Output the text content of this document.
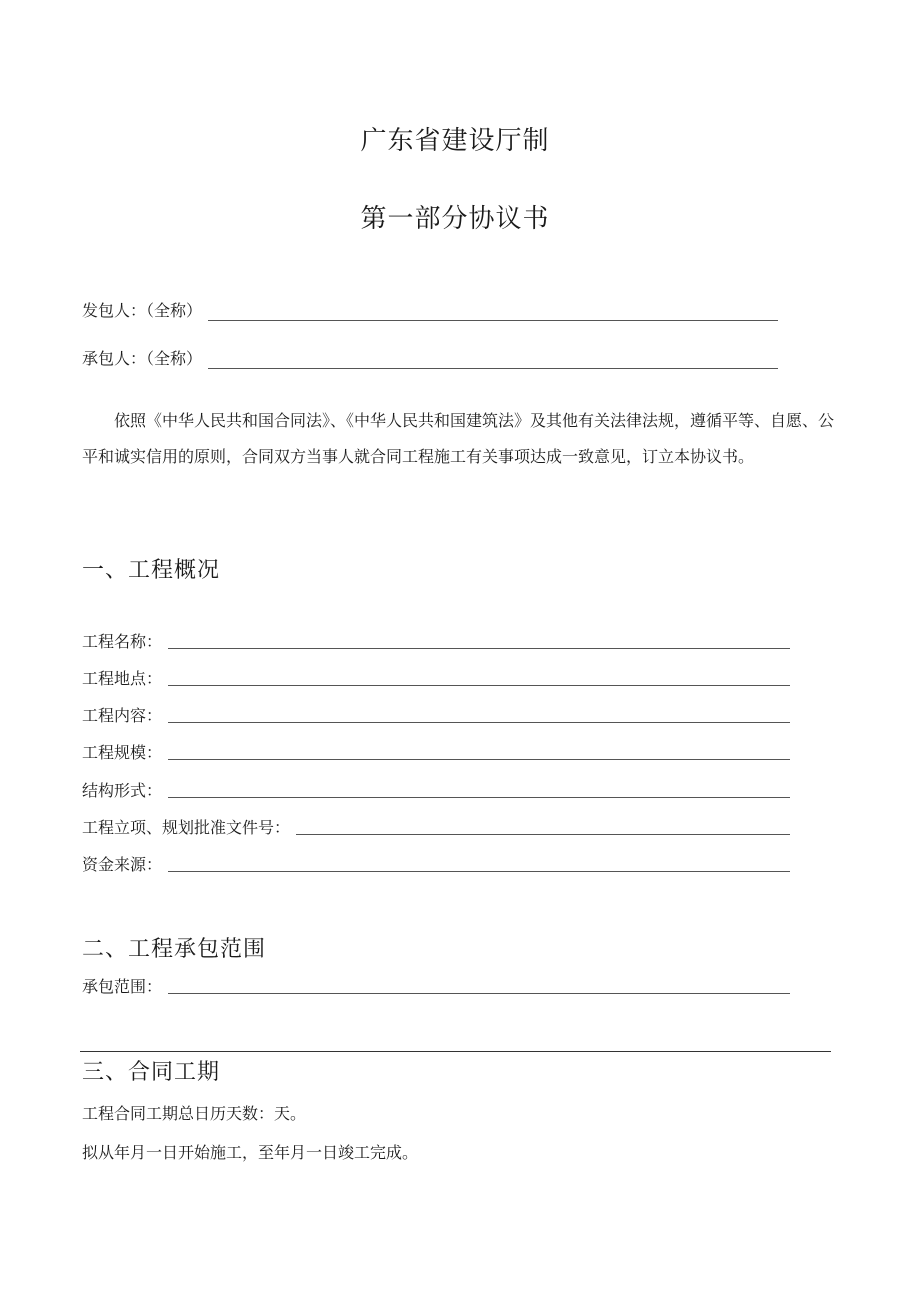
广东省建设厅制
第一部分协议书
发包人：（全称）
承包人：（全称）
依照《中华人民共和国合同法》、《中华人民共和国建筑法》及其他有关法律法规，遵循平等、自愿、公平和诚实信用的原则，合同双方当事人就合同工程施工有关事项达成一致意见，订立本协议书。
一、工程概况
工程名称：
工程地点：
工程内容：
工程规模：
结构形式：
工程立项、规划批准文件号：
资金来源：
二、工程承包范围
承包范围：
三、合同工期
工程合同工期总日历天数：天。
拟从年月一日开始施工，至年月一日竣工完成。
